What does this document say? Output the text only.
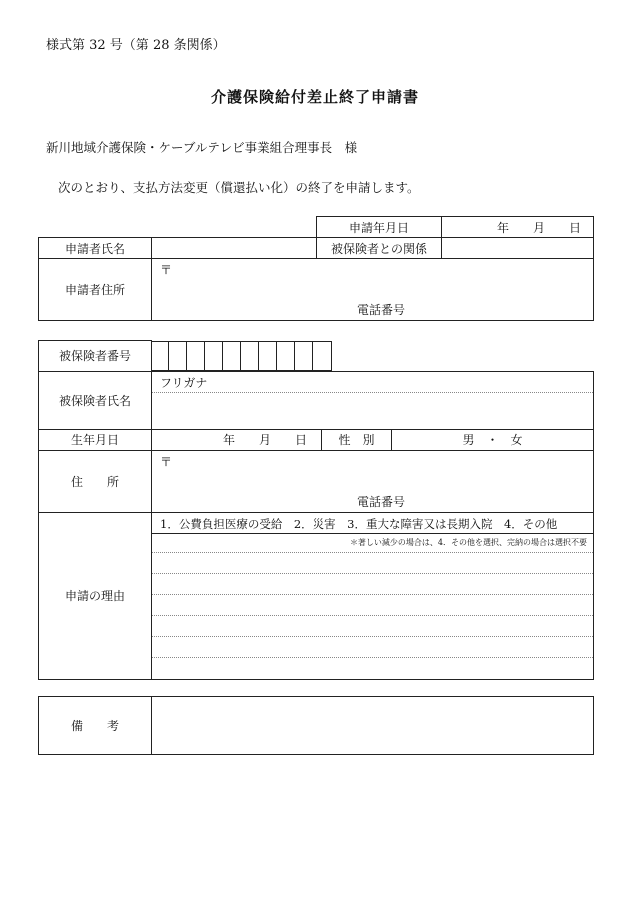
様式第 32 号（第 28 条関係）
介護保険給付差止終了申請書
新川地域介護保険・ケーブルテレビ事業組合理事長　様
次のとおり、支払方法変更（償還払い化）の終了を申請します。
		申請年月日	年　　月　　日
申請者氏名		被保険者との関係	
申請者住所	〒
電話番号		
被保険者番号			
被保険者氏名	フリガナ		

生年月日	年　　月　　日	性　別	男　・　女
住　　所	〒
電話番号		

申請の理由	1．公費負担医療の受給　2．災害　3．重大な障害又は長期入院　4．その他
＊著しい減少の場合は、4．その他を選択、完納の場合は選択不要		
備　　考	
